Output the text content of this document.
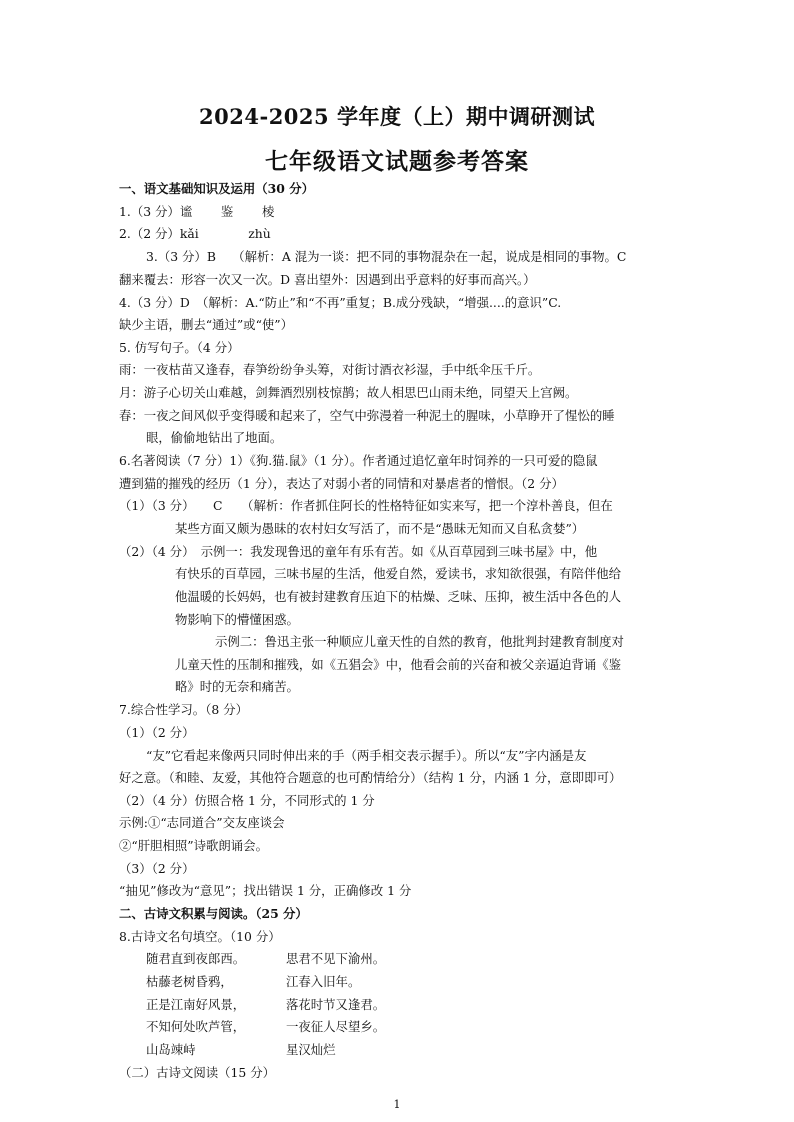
2024-2025 学年度（上）期中调研测试
七年级语文试题参考答案
一、语文基础知识及运用（30 分）
1.（3 分）谧　　 鉴　　 棱
2.（2 分）kǎi　　　　zhù
3.（3 分）B　 （解析：A 混为一谈：把不同的事物混杂在一起，说成是相同的事物。C
翻来覆去：形容一次又一次。D 喜出望外：因遇到出乎意料的好事而高兴。）
4.（3 分）D　（解析：A.“防止”和“不再”重复；B.成分残缺，“增强....的意识”C.
缺少主语，删去“通过”或“使”）
5. 仿写句子。（4 分）
雨：一夜枯苗又逢春，春笋纷纷争头筹，对街讨酒衣衫湿，手中纸伞压千斤。
月：游子心切关山难越，剑舞酒烈别枝惊鹊；故人相思巴山雨未绝，同望天上宫阙。
春：一夜之间风似乎变得暖和起来了，空气中弥漫着一种泥土的腥味，小草睁开了惺忪的睡
眼，偷偷地钻出了地面。
6.名著阅读（7 分）1）《狗.猫.鼠》（1 分）。作者通过追忆童年时饲养的一只可爱的隐鼠
遭到猫的摧残的经历（1 分），表达了对弱小者的同情和对暴虐者的憎恨。（2 分）
（1）（3 分）　　C　　（解析：作者抓住阿长的性格特征如实来写，把一个淳朴善良，但在
某些方面又颇为愚昧的农村妇女写活了，而不是“愚昧无知而又自私贪婪”）
（2）（4 分）　示例一：我发现鲁迅的童年有乐有苦。如《从百草园到三味书屋》中，他
有快乐的百草园，三味书屋的生活，他爱自然，爱读书，求知欲很强，有陪伴他给
他温暖的长妈妈，也有被封建教育压迫下的枯燥、乏味、压抑，被生活中各色的人
物影响下的懵懂困惑。
示例二：鲁迅主张一种顺应儿童天性的自然的教育，他批判封建教育制度对
儿童天性的压制和摧残，如《五猖会》中，他看会前的兴奋和被父亲逼迫背诵《鉴
略》时的无奈和痛苦。
7.综合性学习。（8 分）
（1）（2 分）
“友”它看起来像两只同时伸出来的手（两手相交表示握手）。所以“友”字内涵是友
好之意。（和睦、友爱，其他符合题意的也可酌情给分）（结构 1 分，内涵 1 分，意即即可）
（2）（4 分）仿照合格 1 分，不同形式的 1 分
示例:①“志同道合”交友座谈会
②“肝胆相照”诗歌朗诵会。
（3）（2 分）
“抽见”修改为“意见”；找出错误 1 分，正确修改 1 分
二、古诗文积累与阅读。（25 分）
8.古诗文名句填空。（10 分）
随君直到夜郎西。	思君不见下渝州。
枯藤老树昏鸦，	江春入旧年。
正是江南好风景，	落花时节又逢君。
不知何处吹芦管，	一夜征人尽望乡。
山岛竦峙	星汉灿烂
（二）古诗文阅读（15 分）
1
